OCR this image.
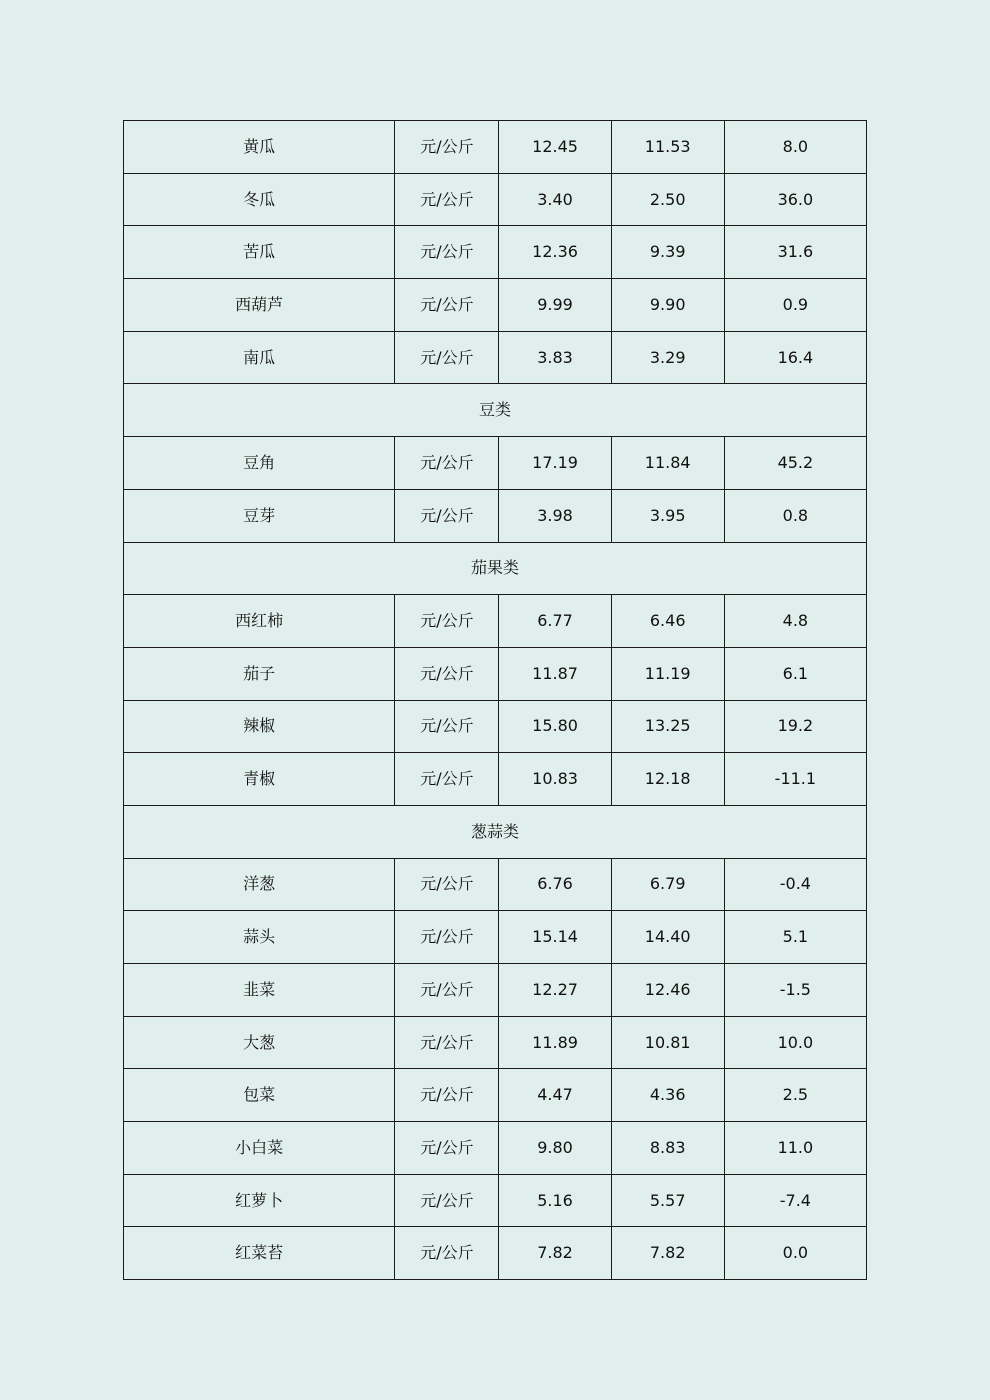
黄瓜	元/公斤	12.45	11.53	8.0
冬瓜	元/公斤	3.40	2.50	36.0
苦瓜	元/公斤	12.36	9.39	31.6
西葫芦	元/公斤	9.99	9.90	0.9
南瓜	元/公斤	3.83	3.29	16.4
豆类				
豆角	元/公斤	17.19	11.84	45.2
豆芽	元/公斤	3.98	3.95	0.8
茄果类				
西红柿	元/公斤	6.77	6.46	4.8
茄子	元/公斤	11.87	11.19	6.1
辣椒	元/公斤	15.80	13.25	19.2
青椒	元/公斤	10.83	12.18	-11.1
葱蒜类				
洋葱	元/公斤	6.76	6.79	-0.4
蒜头	元/公斤	15.14	14.40	5.1
韭菜	元/公斤	12.27	12.46	-1.5
大葱	元/公斤	11.89	10.81	10.0
包菜	元/公斤	4.47	4.36	2.5
小白菜	元/公斤	9.80	8.83	11.0
红萝卜	元/公斤	5.16	5.57	-7.4
红菜苔	元/公斤	7.82	7.82	0.0
